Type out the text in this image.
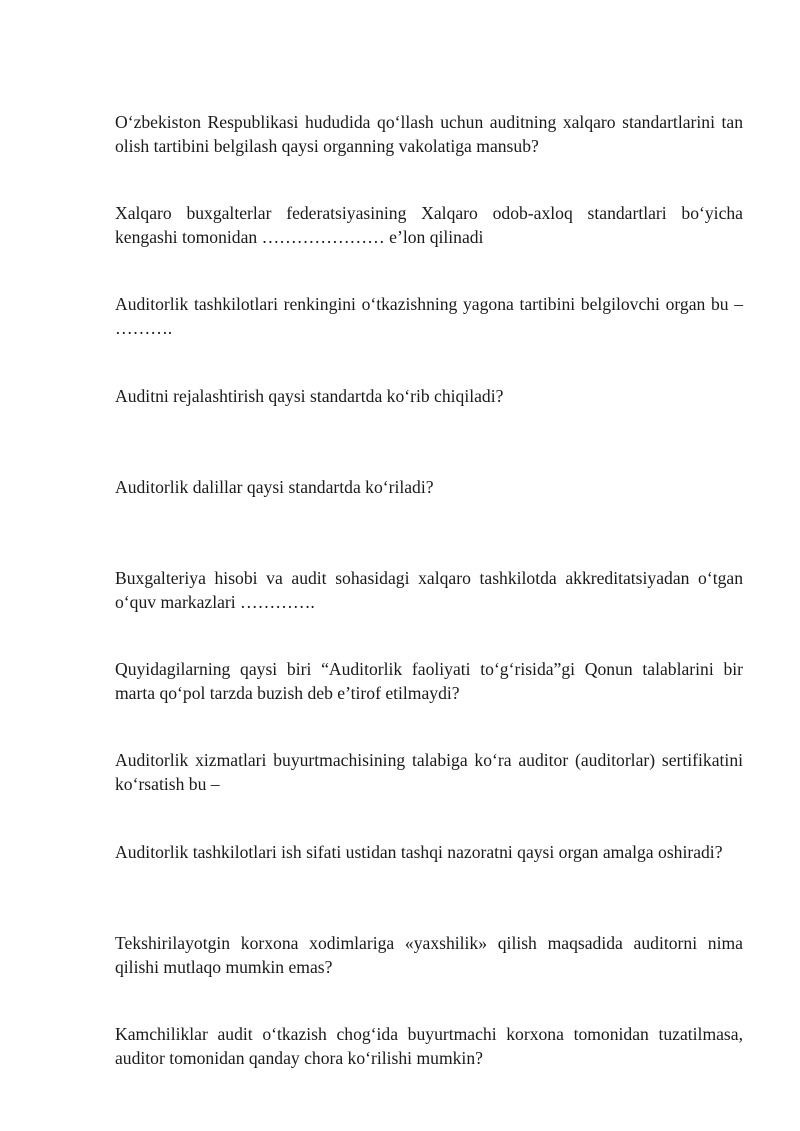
O‘zbekiston Respublikasi hududida qo‘llash uchun auditning xalqaro standartlarini tan olish tartibini belgilash qaysi organning vakolatiga mansub?
Xalqaro buxgalterlar federatsiyasining Xalqaro odob-axloq standartlari bo‘yicha kengashi tomonidan ………………… e’lon qilinadi
Auditorlik tashkilotlari renkingini o‘tkazishning yagona tartibini belgilovchi organ bu – ……….
Auditni rejalashtirish qaysi standartda ko‘rib chiqiladi?
Auditorlik dalillar qaysi standartda ko‘riladi?
Buxgalteriya hisobi va audit sohasidagi xalqaro tashkilotda akkreditatsiyadan o‘tgan o‘quv markazlari ………….
Quyidagilarning qaysi biri “Auditorlik faoliyati to‘g‘risida”gi Qonun talablarini bir marta qo‘pol tarzda buzish deb e’tirof etilmaydi?
Auditorlik xizmatlari buyurtmachisining talabiga ko‘ra auditor (auditorlar) sertifikatini ko‘rsatish bu –
Auditorlik tashkilotlari ish sifati ustidan tashqi nazoratni qaysi organ amalga oshiradi?
Tekshirilayotgin korxona xodimlariga «yaxshilik» qilish maqsadida auditorni nima qilishi mutlaqo mumkin emas?
Kamchiliklar audit o‘tkazish chog‘ida buyurtmachi korxona tomonidan tuzatilmasa, auditor tomonidan qanday chora ko‘rilishi mumkin?
